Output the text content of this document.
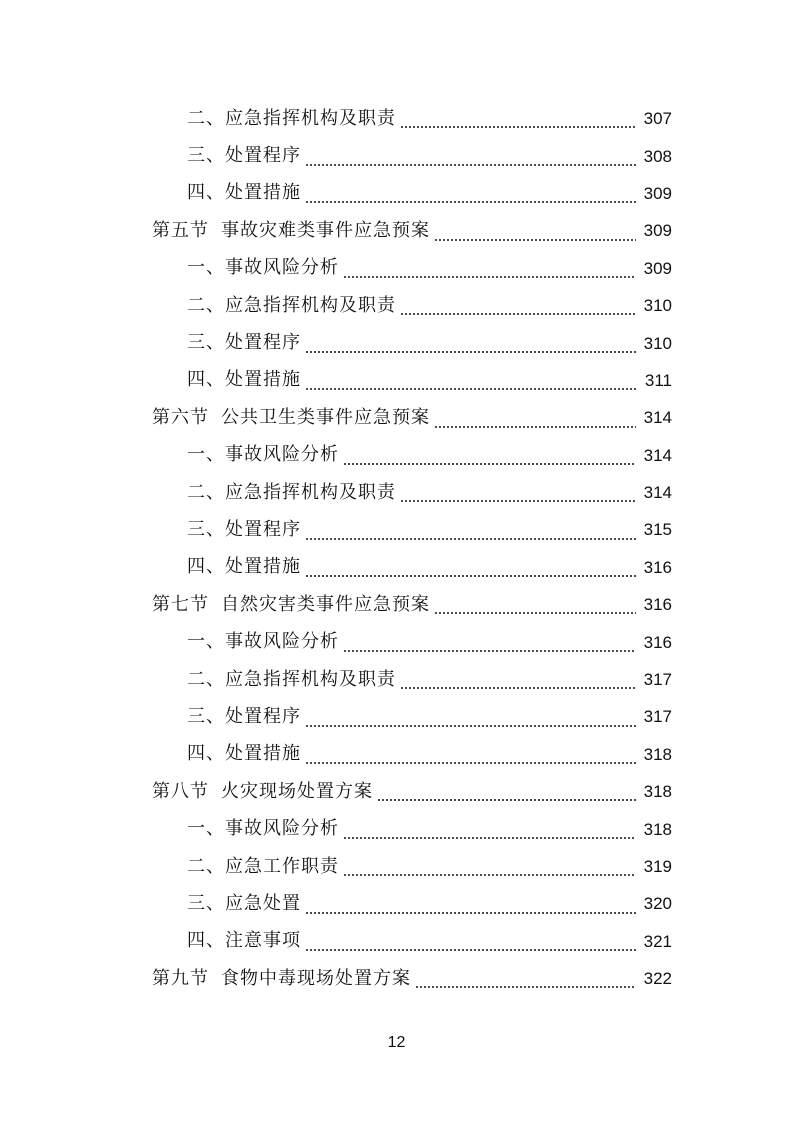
二、应急指挥机构及职责	307
三、处置程序	308
四、处置措施	309
第五节 事故灾难类事件应急预案	309
一、事故风险分析	309
二、应急指挥机构及职责	310
三、处置程序	310
四、处置措施	311
第六节 公共卫生类事件应急预案	314
一、事故风险分析	314
二、应急指挥机构及职责	314
三、处置程序	315
四、处置措施	316
第七节 自然灾害类事件应急预案	316
一、事故风险分析	316
二、应急指挥机构及职责	317
三、处置程序	317
四、处置措施	318
第八节 火灾现场处置方案	318
一、事故风险分析	318
二、应急工作职责	319
三、应急处置	320
四、注意事项	321
第九节 食物中毒现场处置方案	322
12
